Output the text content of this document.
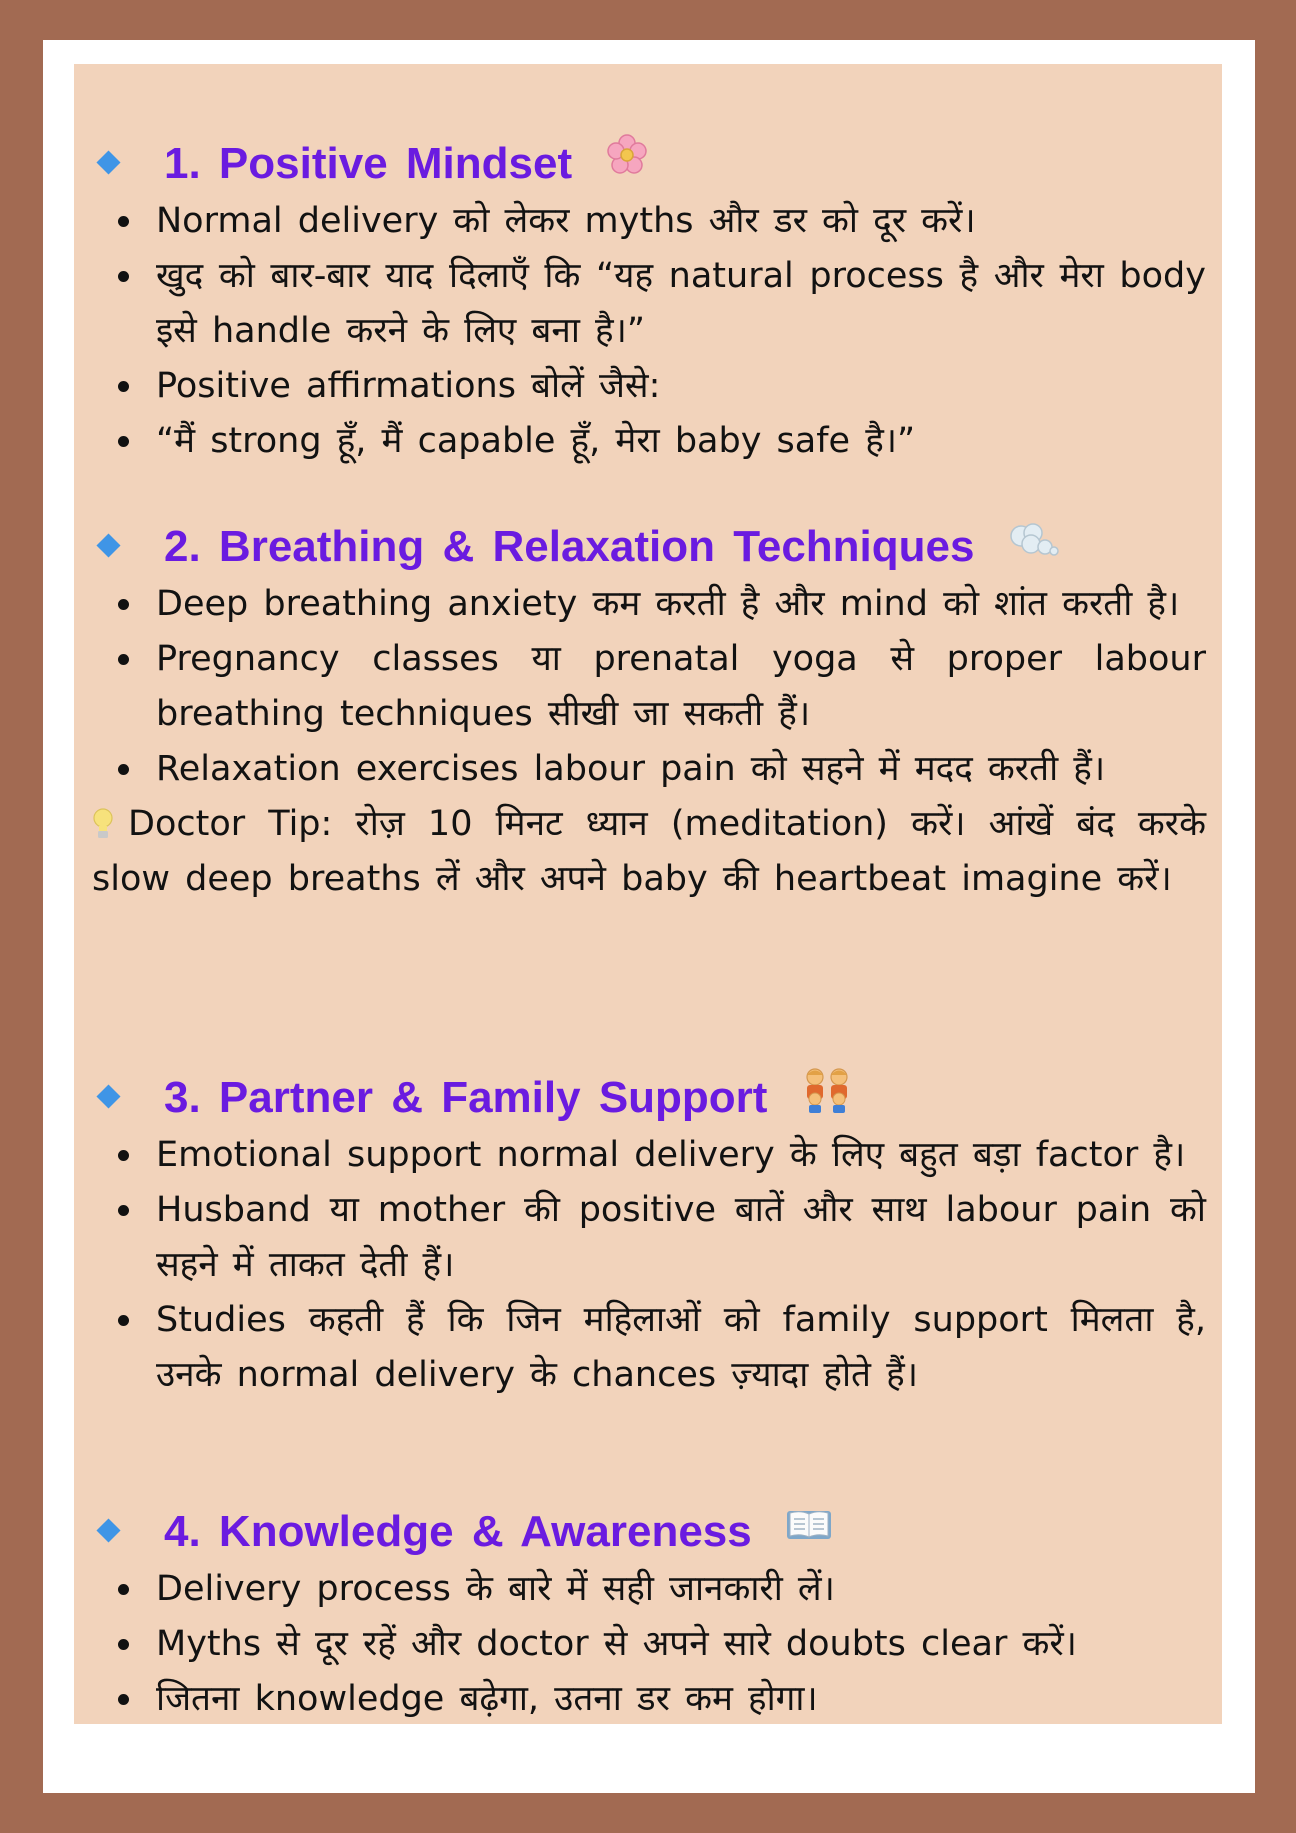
1. Positive Mindset
Normal delivery को लेकर myths और डर को दूर करें।
खुद को बार-बार याद दिलाएँ कि “यह natural process है और मेरा body इसे handle करने के लिए बना है।”
Positive affirmations बोलें जैसे:
“मैं strong हूँ, मैं capable हूँ, मेरा baby safe है।”
2. Breathing & Relaxation Techniques
Deep breathing anxiety कम करती है और mind को शांत करती है।
Pregnancy classes या prenatal yoga से proper labour breathing techniques सीखी जा सकती हैं।
Relaxation exercises labour pain को सहने में मदद करती हैं।
Doctor Tip: रोज़ 10 मिनट ध्यान (meditation) करें। आंखें बंद करके slow deep breaths लें और अपने baby की heartbeat imagine करें।
3. Partner & Family Support
Emotional support normal delivery के लिए बहुत बड़ा factor है।
Husband या mother की positive बातें और साथ labour pain को सहने में ताकत देती हैं।
Studies कहती हैं कि जिन महिलाओं को family support मिलता है, उनके normal delivery के chances ज़्यादा होते हैं।
4. Knowledge & Awareness
Delivery process के बारे में सही जानकारी लें।
Myths से दूर रहें और doctor से अपने सारे doubts clear करें।
जितना knowledge बढ़ेगा, उतना डर कम होगा।
